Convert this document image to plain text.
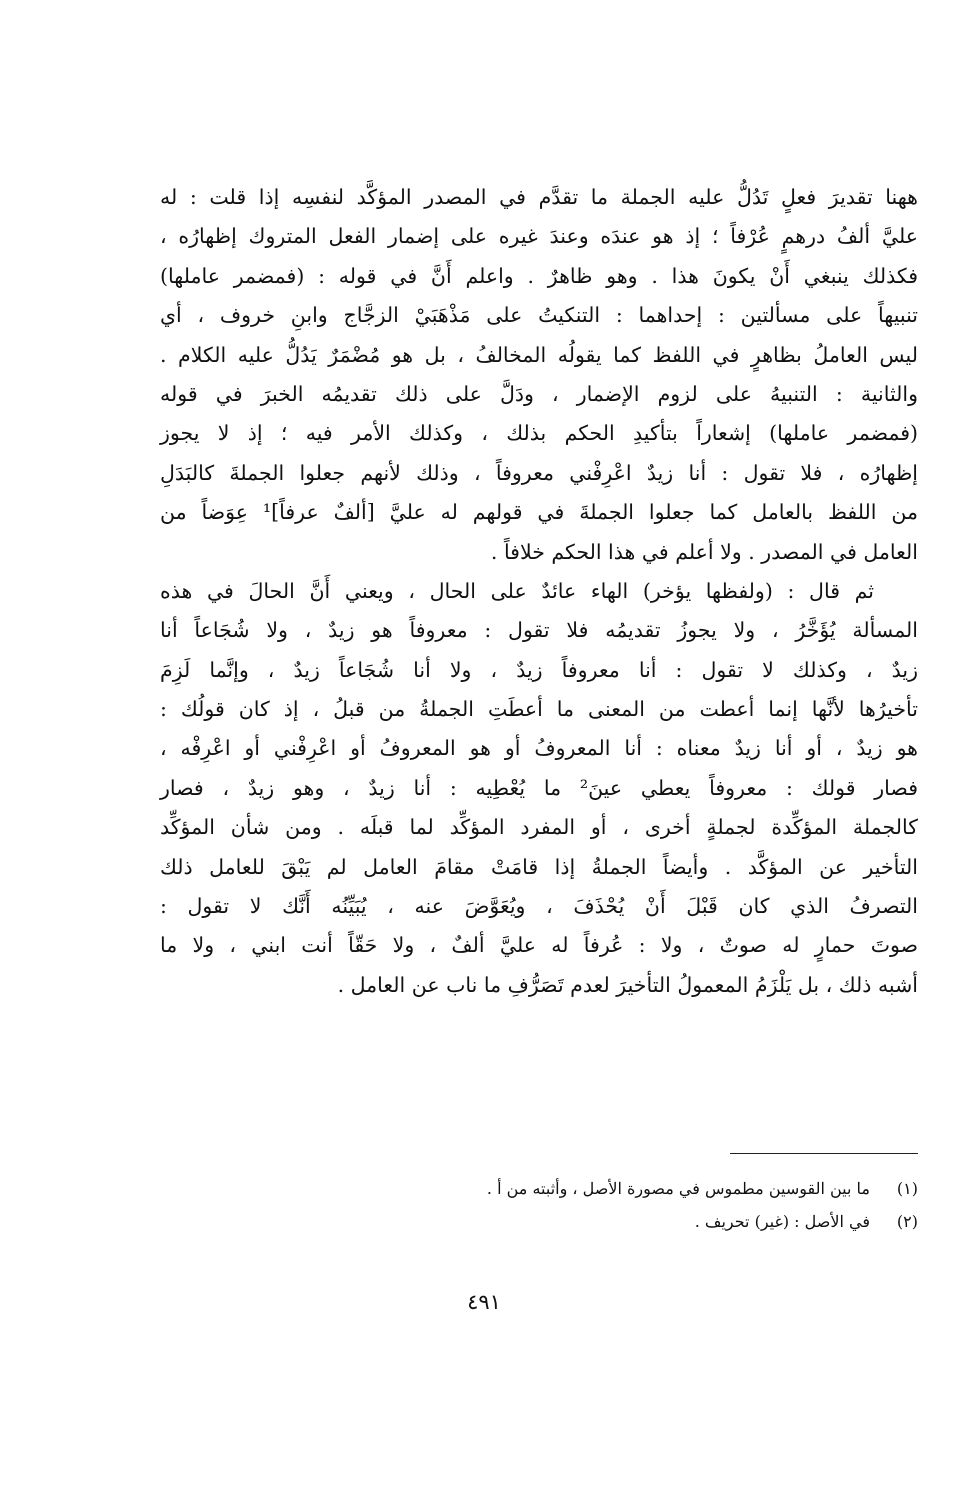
ههنا تقديرَ فعلٍ تَدُلُّ عليه الجملة ما تقدَّم في المصدر المؤكَّد لنفسِه إذا قلت : له
عليَّ ألفُ درهمٍ عُرْفاً ؛ إذ هو عندَه وعندَ غيره على إضمار الفعل المتروك إظهارُه ،
فكذلك ينبغي أَنْ يكونَ هذا . وهو ظاهرٌ . واعلم أَنَّ في قوله : (فمضمر عاملها)
تنبيهاً على مسألتين : إحداهما : التنكيتُ على مَذْهَبَيْ الزجَّاج وابنِ خروف ، أي
ليس العاملُ بظاهرٍ في اللفظ كما يقولُه المخالفُ ، بل هو مُضْمَرٌ يَدُلُّ عليه الكلام .
والثانية : التنبيهُ على لزوم الإضمار ، ودَلَّ على ذلك تقديمُه الخبرَ في قوله
(فمضمر عاملها) إشعاراً بتأكيدِ الحكم بذلك ، وكذلك الأمر فيه ؛ إذ لا يجوز
إظهارُه ، فلا تقول : أنا زيدٌ اعْرِفْني معروفاً ، وذلك لأنهم جعلوا الجملةَ كالبَدَلِ
من اللفظ بالعامل كما جعلوا الجملةَ في قولهم له عليَّ [ألفٌ عرفاً]¹ عِوَضاً من
العامل في المصدر . ولا أعلم في هذا الحكم خلافاً .
ثم قال : (ولفظها يؤخر) الهاء عائدٌ على الحال ، ويعني أَنَّ الحالَ في هذه
المسألة يُؤَخَّرُ ، ولا يجوزُ تقديمُه فلا تقول : معروفاً هو زيدٌ ، ولا شُجَاعاً أنا
زيدٌ ، وكذلك لا تقول : أنا معروفاً زيدٌ ، ولا أنا شُجَاعاً زيدٌ ، وإنَّما لَزِمَ
تأخيرُها لأنَّها إنما أعطت من المعنى ما أعطَتِ الجملةُ من قبلُ ، إذ كان قولُك :
هو زيدٌ ، أو أنا زيدٌ معناه : أنا المعروفُ أو هو المعروفُ أو اعْرِفْني أو اعْرِفْه ،
فصار قولك : معروفاً يعطي عينَ² ما يُعْطِيه : أنا زيدٌ ، وهو زيدٌ ، فصار
كالجملة المؤكِّدة لجملةٍ أخرى ، أو المفرد المؤكِّد لما قبلَه . ومن شأن المؤكِّد
التأخير عن المؤكَّد . وأيضاً الجملةُ إذا قامَتْ مقامَ العامل لم يَبْقَ للعامل ذلك
التصرفُ الذي كان قَبْلَ أَنْ يُحْذَفَ ، ويُعَوَّضَ عنه ، يُبَيِّنُه أَنَّك لا تقول :
صوتَ حمارٍ له صوتٌ ، ولا : عُرفاً له عليَّ ألفٌ ، ولا حَقّاً أنت ابني ، ولا ما
أشبه ذلك ، بل يَلْزَمُ المعمولُ التأخيرَ لعدم تَصَرُّفِ ما ناب عن العامل .
(١)
ما بين القوسين مطموس في مصورة الأصل ، وأثبته من أ .
(٢)
في الأصل : (غير) تحريف .
٤٩١
